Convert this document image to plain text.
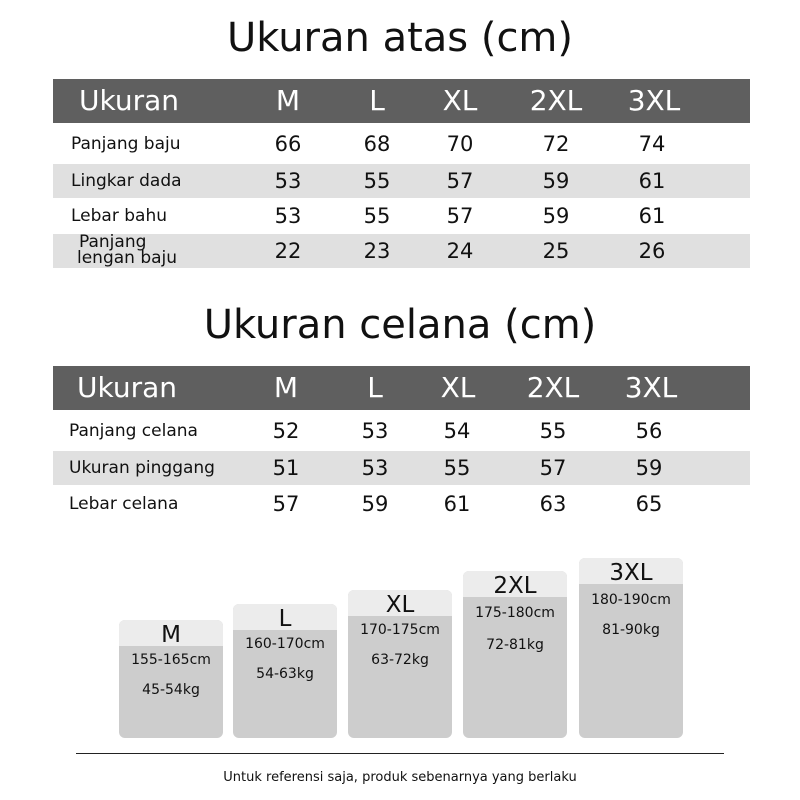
Ukuran atas (cm)
Ukuran	M	L	XL	2XL	3XL
Panjang baju	66	68	70	72	74
Lingkar dada	53	55	57	59	61
Lebar bahu	53	55	57	59	61
Panjang
lengan baju	22	23	24	25	26
Ukuran celana (cm)
Ukuran	M	L	XL	2XL	3XL
Panjang celana	52	53	54	55	56
Ukuran pinggang	51	53	55	57	59
Lebar celana	57	59	61	63	65
M
155-165cm
45-54kg
L
160-170cm
54-63kg
XL
170-175cm
63-72kg
2XL
175-180cm
72-81kg
3XL
180-190cm
81-90kg
Untuk referensi saja, produk sebenarnya yang berlaku
